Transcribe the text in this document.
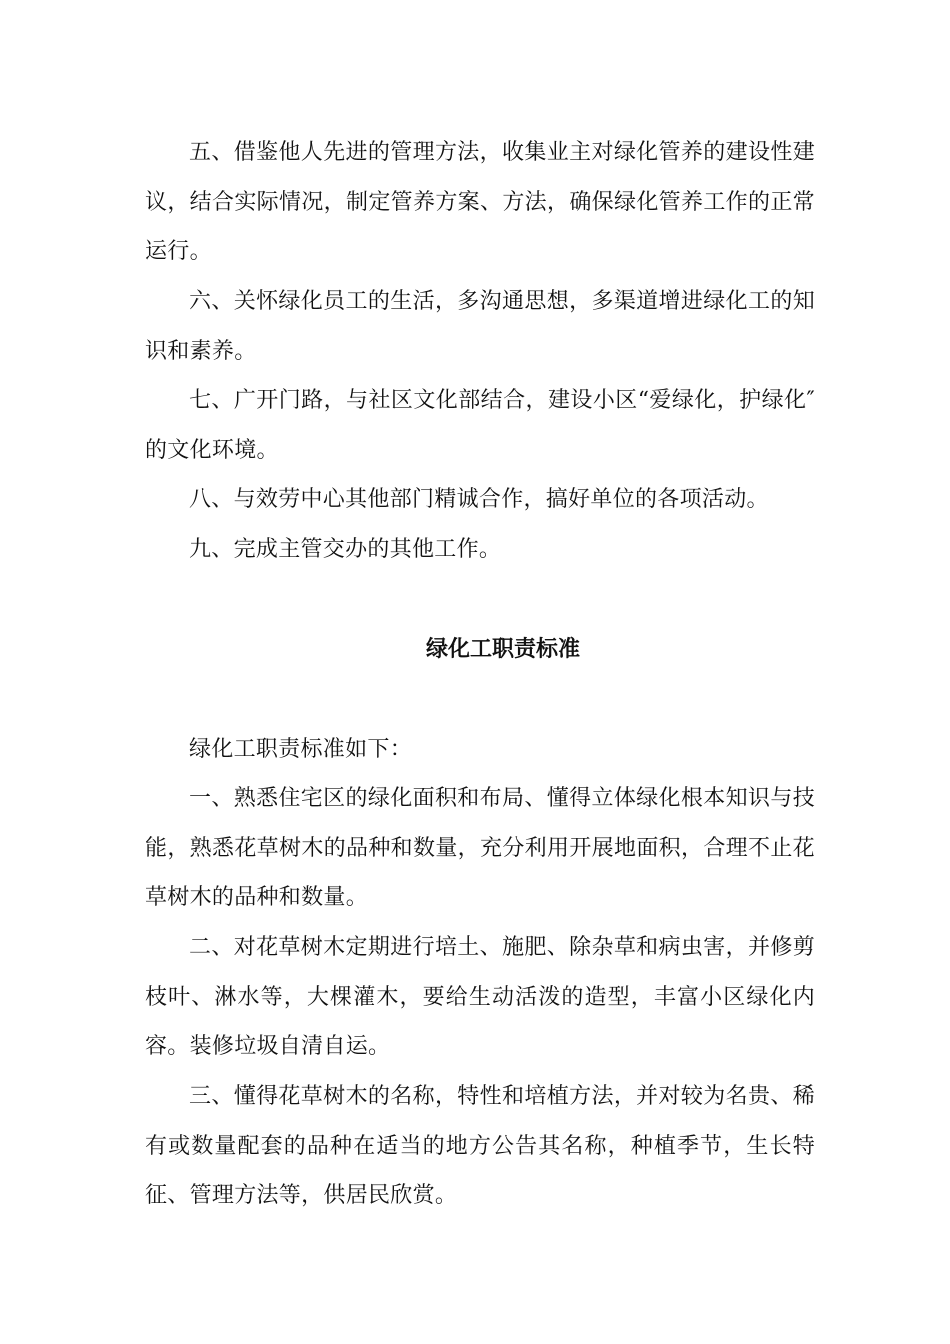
五、借鉴他人先进的管理方法，收集业主对绿化管养的建设性建议，结合实际情况，制定管养方案、方法，确保绿化管养工作的正常运行。
六、关怀绿化员工的生活，多沟通思想，多渠道增进绿化工的知识和素养。
七、广开门路，与社区文化部结合，建设小区“爱绿化，护绿化″的文化环境。
八、与效劳中心其他部门精诚合作，搞好单位的各项活动。
九、完成主管交办的其他工作。
绿化工职责标准
绿化工职责标准如下：
一、熟悉住宅区的绿化面积和布局、懂得立体绿化根本知识与技能，熟悉花草树木的品种和数量，充分利用开展地面积，合理不止花草树木的品种和数量。
二、对花草树木定期进行培土、施肥、除杂草和病虫害，并修剪枝叶、淋水等，大棵灌木，要给生动活泼的造型，丰富小区绿化内容。装修垃圾自清自运。
三、懂得花草树木的名称，特性和培植方法，并对较为名贵、稀有或数量配套的品种在适当的地方公告其名称，种植季节，生长特征、管理方法等，供居民欣赏。
